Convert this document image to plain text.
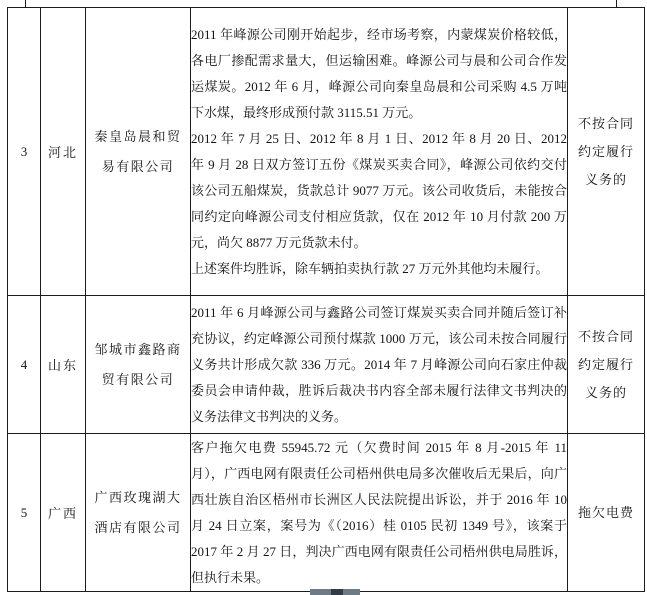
3	河北	秦皇岛晨和贸易有限公司	2011 年峰源公司刚开始起步，经市场考察，内蒙煤炭价格较低，各电厂掺配需求量大，但运输困难。峰源公司与晨和公司合作发运煤炭。2012 年 6 月，峰源公司向秦皇岛晨和公司采购 4.5 万吨下水煤，最终形成预付款 3115.51 万元。

2012 年 7 月 25 日、2012 年 8 月 1 日、2012 年 8 月 20 日、2012 年 9 月 28 日双方签订五份《煤炭买卖合同》，峰源公司依约交付该公司五船煤炭，货款总计 9077 万元。该公司收货后，未能按合同约定向峰源公司支付相应货款，仅在 2012 年 10 月付款 200 万元，尚欠 8877 万元货款未付。

上述案件均胜诉，除车辆拍卖执行款 27 万元外其他均未履行。	不按合同约定履行义务的

4	山东	邹城市鑫路商贸有限公司	2011 年 6 月峰源公司与鑫路公司签订煤炭买卖合同并随后签订补充协议，约定峰源公司预付煤款 1000 万元，该公司未按合同履行义务共计形成欠款 336 万元。2014 年 7 月峰源公司向石家庄仲裁委员会申请仲裁，胜诉后裁决书内容全部未履行法律文书判决的义务法律文书判决的义务。	不按合同约定履行义务的

5	广西	广西玫瑰湖大酒店有限公司	客户拖欠电费 55945.72 元（欠费时间 2015 年 8 月-2015 年 11 月），广西电网有限责任公司梧州供电局多次催收后无果后，向广西壮族自治区梧州市长洲区人民法院提出诉讼，并于 2016 年 10 月 24 日立案，案号为《（2016）桂 0105 民初 1349 号》，该案于 2017 年 2 月 27 日，判决广西电网有限责任公司梧州供电局胜诉，但执行未果。	拖欠电费
